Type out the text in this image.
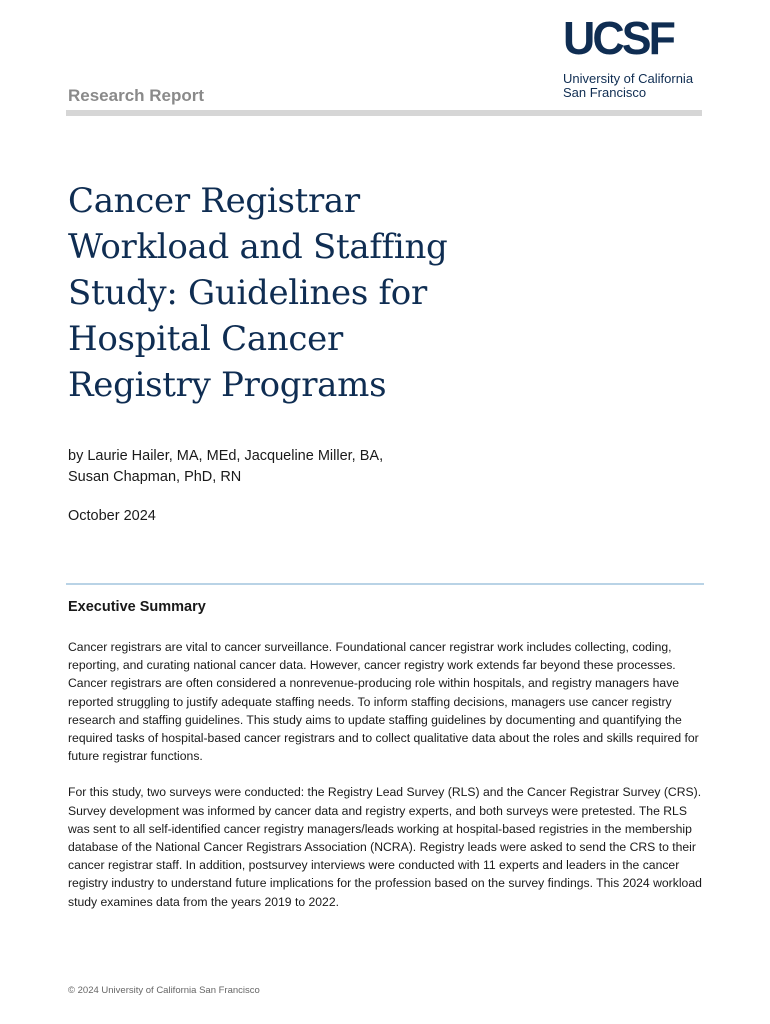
Research Report
UCSF
University of California
San Francisco
Cancer Registrar
Workload and Staffing
Study: Guidelines for
Hospital Cancer
Registry Programs
by Laurie Hailer, MA, MEd, Jacqueline Miller, BA,
Susan Chapman, PhD, RN
October 2024
Executive Summary

Cancer registrars are vital to cancer surveillance. Foundational cancer registrar work includes collecting, coding, reporting, and curating national cancer data. However, cancer registry work extends far beyond these processes. Cancer registrars are often considered a nonrevenue-producing role within hospitals, and registry managers have reported struggling to justify adequate staffing needs. To inform staffing decisions, managers use cancer registry research and staffing guidelines. This study aims to update staffing guidelines by documenting and quantifying the required tasks of hospital-based cancer registrars and to collect qualitative data about the roles and skills required for future registrar functions.

For this study, two surveys were conducted: the Registry Lead Survey (RLS) and the Cancer Registrar Survey (CRS). Survey development was informed by cancer data and registry experts, and both surveys were pretested. The RLS was sent to all self-identified cancer registry managers/leads working at hospital-based registries in the membership database of the National Cancer Registrars Association (NCRA). Registry leads were asked to send the CRS to their cancer registrar staff. In addition, postsurvey interviews were conducted with 11 experts and leaders in the cancer registry industry to understand future implications for the profession based on the survey findings. This 2024 workload study examines data from the years 2019 to 2022.

© 2024 University of California San Francisco
